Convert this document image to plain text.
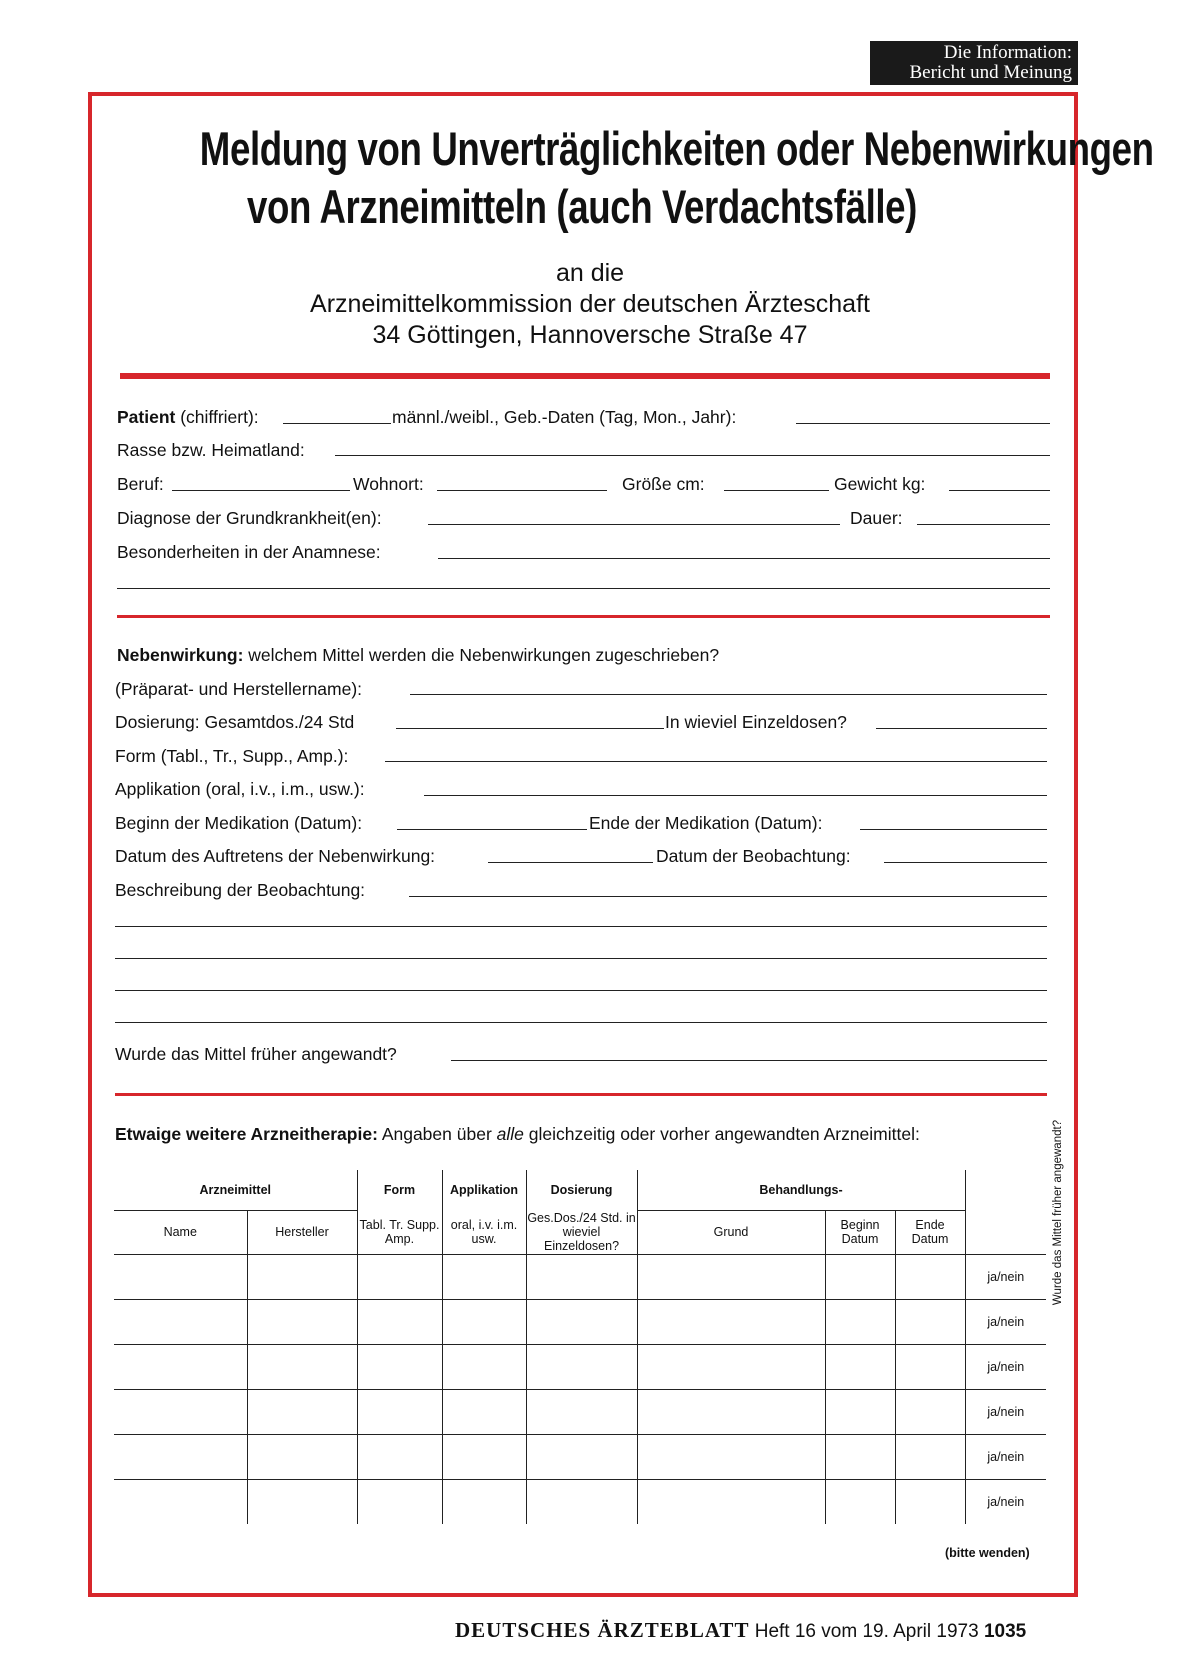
Die Information:
Bericht und Meinung
Meldung von Unverträglichkeiten oder Nebenwirkungen
von Arzneimitteln (auch Verdachtsfälle)
an die
Arzneimittelkommission der deutschen Ärzteschaft
34 Göttingen, Hannoversche Straße 47
Patient (chiffriert):	männl./weibl., Geb.-Daten (Tag, Mon., Jahr):
Rasse bzw. Heimatland:
Beruf:	Wohnort:	Größe cm:	Gewicht kg:
Diagnose der Grundkrankheit(en):	Dauer:
Besonderheiten in der Anamnese:
Nebenwirkung: welchem Mittel werden die Nebenwirkungen zugeschrieben?
(Präparat- und Herstellername):
Dosierung: Gesamtdos./24 Std	In wieviel Einzeldosen?
Form (Tabl., Tr., Supp., Amp.):
Applikation (oral, i.v., i.m., usw.):
Beginn der Medikation (Datum):	Ende der Medikation (Datum):
Datum des Auftretens der Nebenwirkung:	Datum der Beobachtung:
Beschreibung der Beobachtung:
Wurde das Mittel früher angewandt?
Etwaige weitere Arzneitherapie: Angaben über alle gleichzeitig oder vorher angewandten Arzneimittel:
Arzneimittel		Form	Applikation	Dosierung	Behandlungs-			Wurde das Mittel früher angewandt?
Name	Hersteller	Tabl. Tr. Supp. Amp.	oral, i.v. i.m. usw.	Ges.Dos./24 Std. in wieviel Einzeldosen?	Grund	Beginn Datum	Ende Datum	
								ja/nein
								ja/nein
								ja/nein
								ja/nein
								ja/nein
								ja/nein
(bitte wenden)
DEUTSCHES ÄRZTEBLATT Heft 16 vom 19. April 1973 1035
